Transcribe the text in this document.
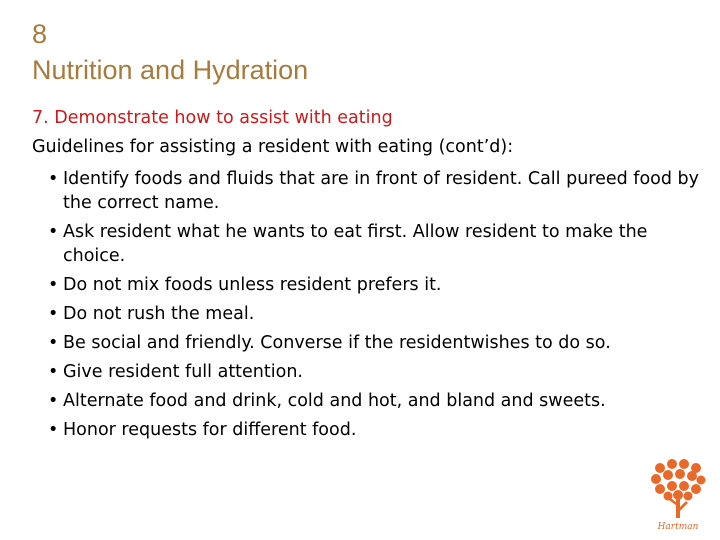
8
Nutrition and Hydration
7. Demonstrate how to assist with eating
Guidelines for assisting a resident with eating (cont’d):
• Identify foods and fluids that are in front of resident. Call pureed food by the correct name.
• Ask resident what he wants to eat first. Allow resident to make the choice.
• Do not mix foods unless resident prefers it.
• Do not rush the meal.
• Be social and friendly. Converse if the residentwishes to do so.
• Give resident full attention.
• Alternate food and drink, cold and hot, and bland and sweets.
• Honor requests for different food.
Hartman
